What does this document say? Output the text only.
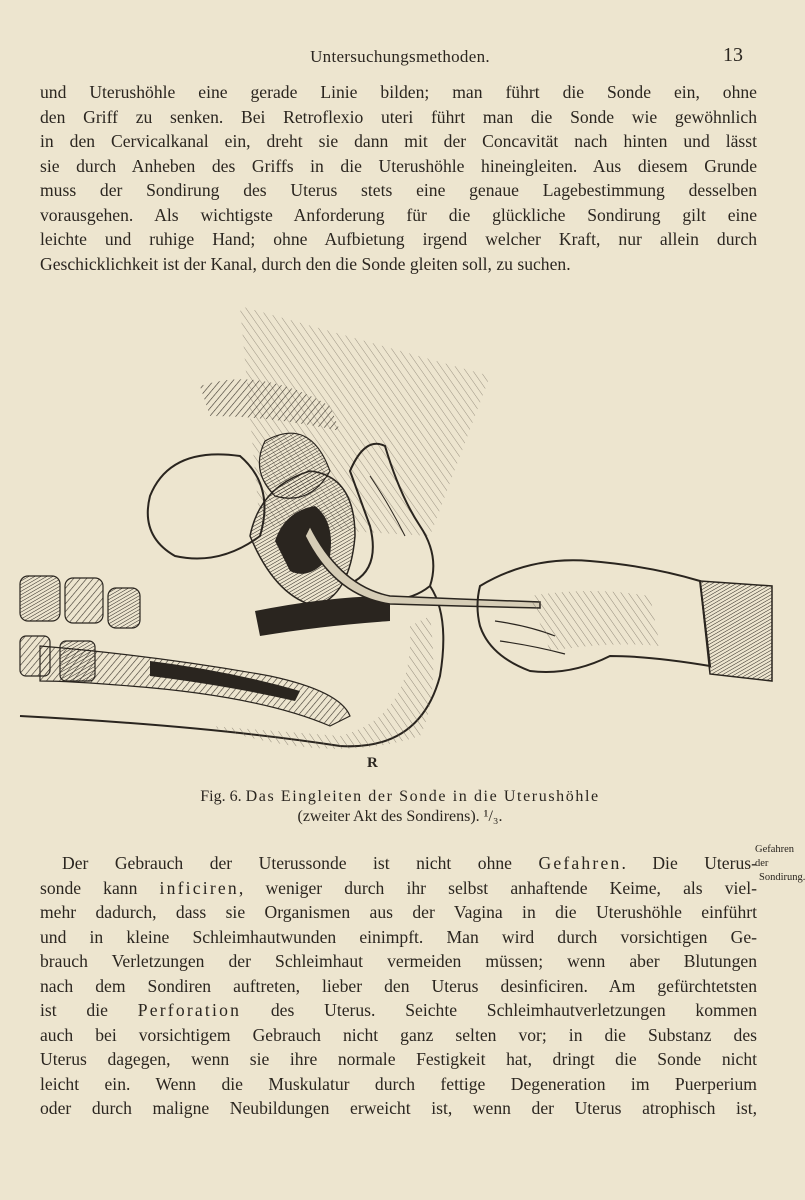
Untersuchungsmethoden.	13

und Uterushöhle eine gerade Linie bilden; man führt die Sonde ein, ohne
den Griff zu senken. Bei Retroflexio uteri führt man die Sonde wie gewöhnlich
in den Cervicalkanal ein, dreht sie dann mit der Concavität nach hinten und lässt
sie durch Anheben des Griffs in die Uterushöhle hineingleiten. Aus diesem Grunde
muss der Sondirung des Uterus stets eine genaue Lagebestimmung desselben
vorausgehen. Als wichtigste Anforderung für die glückliche Sondirung gilt eine
leichte und ruhige Hand; ohne Aufbietung irgend welcher Kraft, nur allein durch
Geschicklichkeit ist der Kanal, durch den die Sonde gleiten soll, zu suchen.

R
Fig. 6. Das Eingleiten der Sonde in die Uterushöhle
(zweiter Akt des Sondirens). ¹/₃.
Gefahren der
Sondirung.

Der Gebrauch der Uterussonde ist nicht ohne Gefahren. Die Uterus-
sonde kann inficiren, weniger durch ihr selbst anhaftende Keime, als viel-
mehr dadurch, dass sie Organismen aus der Vagina in die Uterushöhle einführt
und in kleine Schleimhautwunden einimpft. Man wird durch vorsichtigen Ge-
brauch Verletzungen der Schleimhaut vermeiden müssen; wenn aber Blutungen
nach dem Sondiren auftreten, lieber den Uterus desinficiren. Am gefürchtetsten
ist die Perforation des Uterus. Seichte Schleimhautverletzungen kommen
auch bei vorsichtigem Gebrauch nicht ganz selten vor; in die Substanz des
Uterus dagegen, wenn sie ihre normale Festigkeit hat, dringt die Sonde nicht
leicht ein. Wenn die Muskulatur durch fettige Degeneration im Puerperium
oder durch maligne Neubildungen erweicht ist, wenn der Uterus atrophisch ist,
